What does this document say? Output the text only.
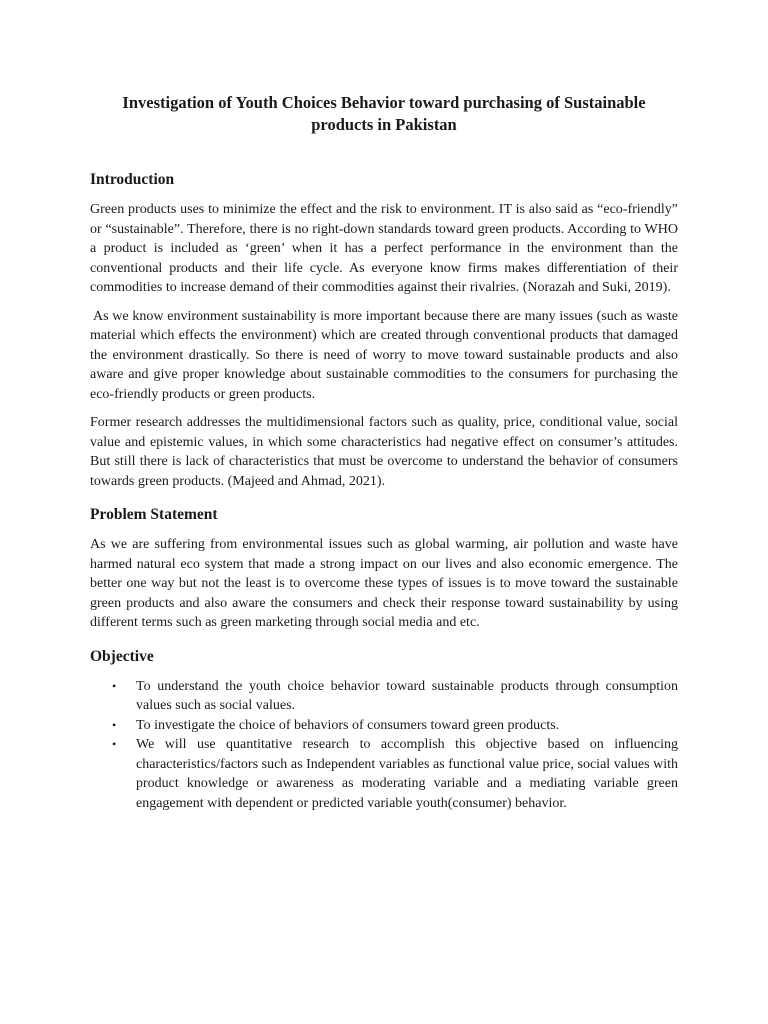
Investigation of Youth Choices Behavior toward purchasing of Sustainable products in Pakistan
Introduction

Green products uses to minimize the effect and the risk to environment. IT is also said as “eco-friendly” or “sustainable”. Therefore, there is no right-down standards toward green products. According to WHO a product is included as ‘green’ when it has a perfect performance in the environment than the conventional products and their life cycle. As everyone know firms makes differentiation of their commodities to increase demand of their commodities against their rivalries. (Norazah and Suki, 2019).

As we know environment sustainability is more important because there are many issues (such as waste material which effects the environment) which are created through conventional products that damaged the environment drastically. So there is need of worry to move toward sustainable products and also aware and give proper knowledge about sustainable commodities to the consumers for purchasing the eco-friendly products or green products.

Former research addresses the multidimensional factors such as quality, price, conditional value, social value and epistemic values, in which some characteristics had negative effect on consumer’s attitudes. But still there is lack of characteristics that must be overcome to understand the behavior of consumers towards green products. (Majeed and Ahmad, 2021).

Problem Statement

As we are suffering from environmental issues such as global warming, air pollution and waste have harmed natural eco system that made a strong impact on our lives and also economic emergence. The better one way but not the least is to overcome these types of issues is to move toward the sustainable green products and also aware the consumers and check their response toward sustainability by using different terms such as green marketing through social media and etc.

Objective
• To understand the youth choice behavior toward sustainable products through consumption values such as social values.
• To investigate the choice of behaviors of consumers toward green products.
• We will use quantitative research to accomplish this objective based on influencing characteristics/factors such as Independent variables as functional value price, social values with product knowledge or awareness as moderating variable and a mediating variable green engagement with dependent or predicted variable youth(consumer) behavior.
